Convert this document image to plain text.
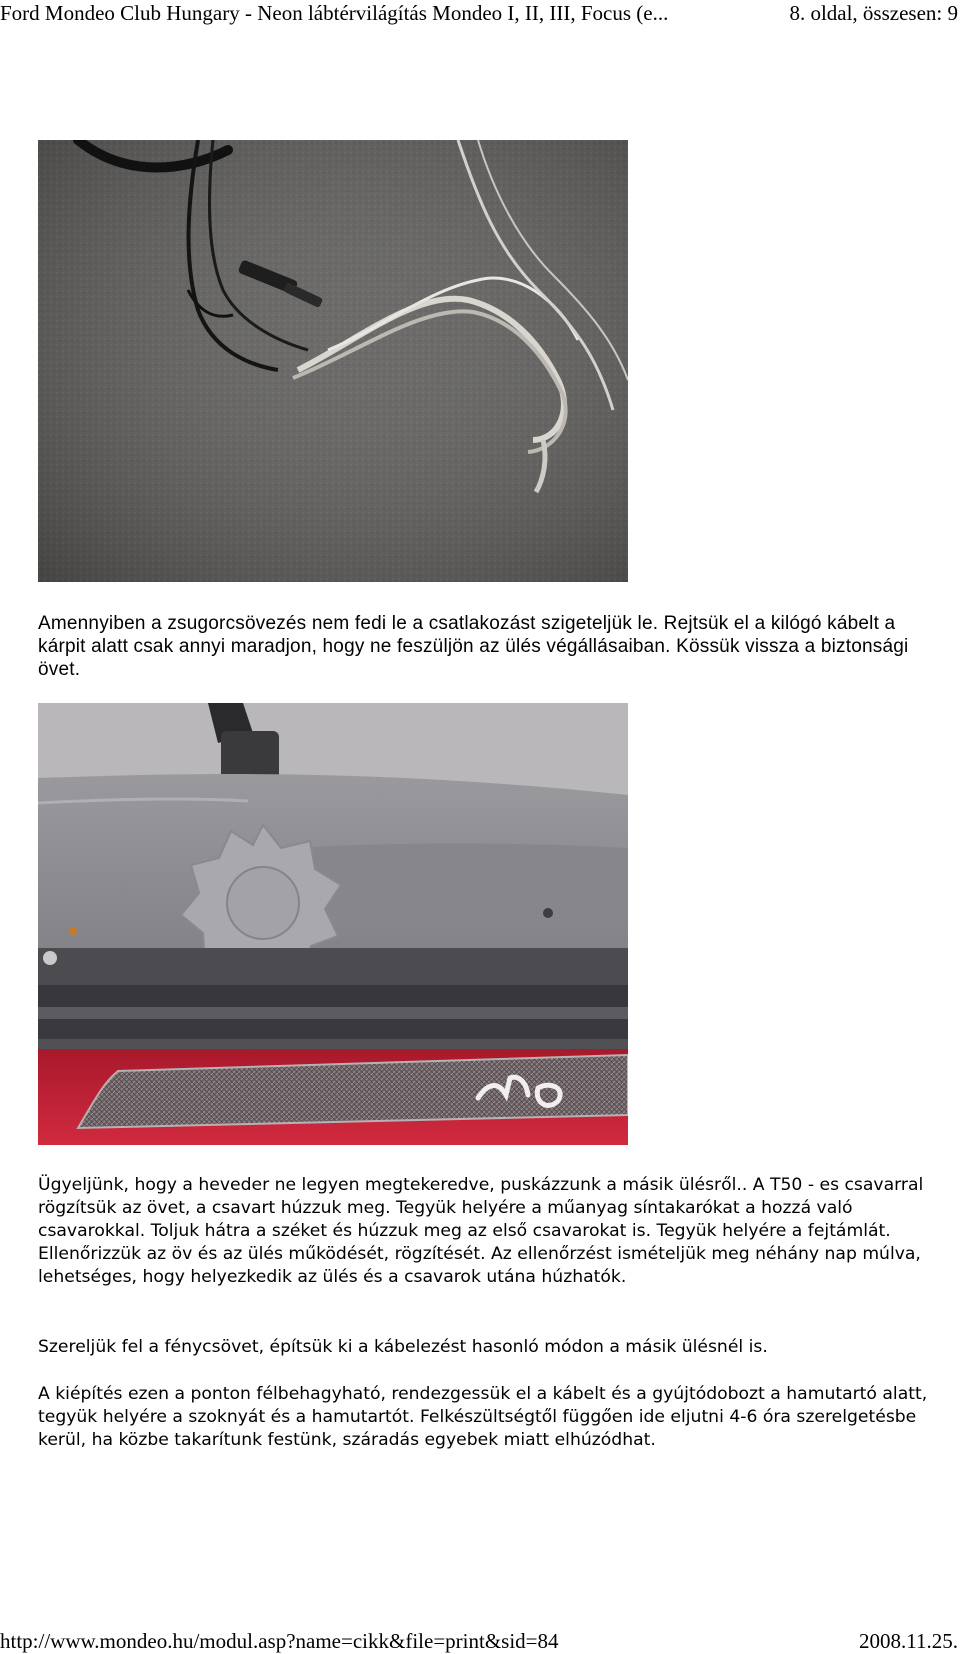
Ford Mondeo Club Hungary - Neon lábtérvilágítás Mondeo I, II, III, Focus (e...	8. oldal, összesen: 9

Amennyiben a zsugorcsövezés nem fedi le a csatlakozást szigeteljük le. Rejtsük el a kilógó kábelt a kárpit alatt csak annyi maradjon, hogy ne feszüljön az ülés végállásaiban. Kössük vissza a biztonsági övet.

Ügyeljünk, hogy a heveder ne legyen megtekeredve, puskázzunk a másik ülésről.. A T50 - es csavarral rögzítsük az övet, a csavart húzzuk meg. Tegyük helyére a műanyag síntakarókat a hozzá való csavarokkal. Toljuk hátra a széket és húzzuk meg az első csavarokat is. Tegyük helyére a fejtámlát. Ellenőrizzük az öv és az ülés működését, rögzítését. Az ellenőrzést ismételjük meg néhány nap múlva, lehetséges, hogy helyezkedik az ülés és a csavarok utána húzhatók.

Szereljük fel a fénycsövet, építsük ki a kábelezést hasonló módon a másik ülésnél is.

A kiépítés ezen a ponton félbehagyható, rendezgessük el a kábelt és a gyújtódobozt a hamutartó alatt, tegyük helyére a szoknyát és a hamutartót. Felkészültségtől függően ide eljutni 4-6 óra szerelgetésbe kerül, ha közbe takarítunk festünk, száradás egyebek miatt elhúzódhat.

http://www.mondeo.hu/modul.asp?name=cikk&file=print&sid=84	2008.11.25.
